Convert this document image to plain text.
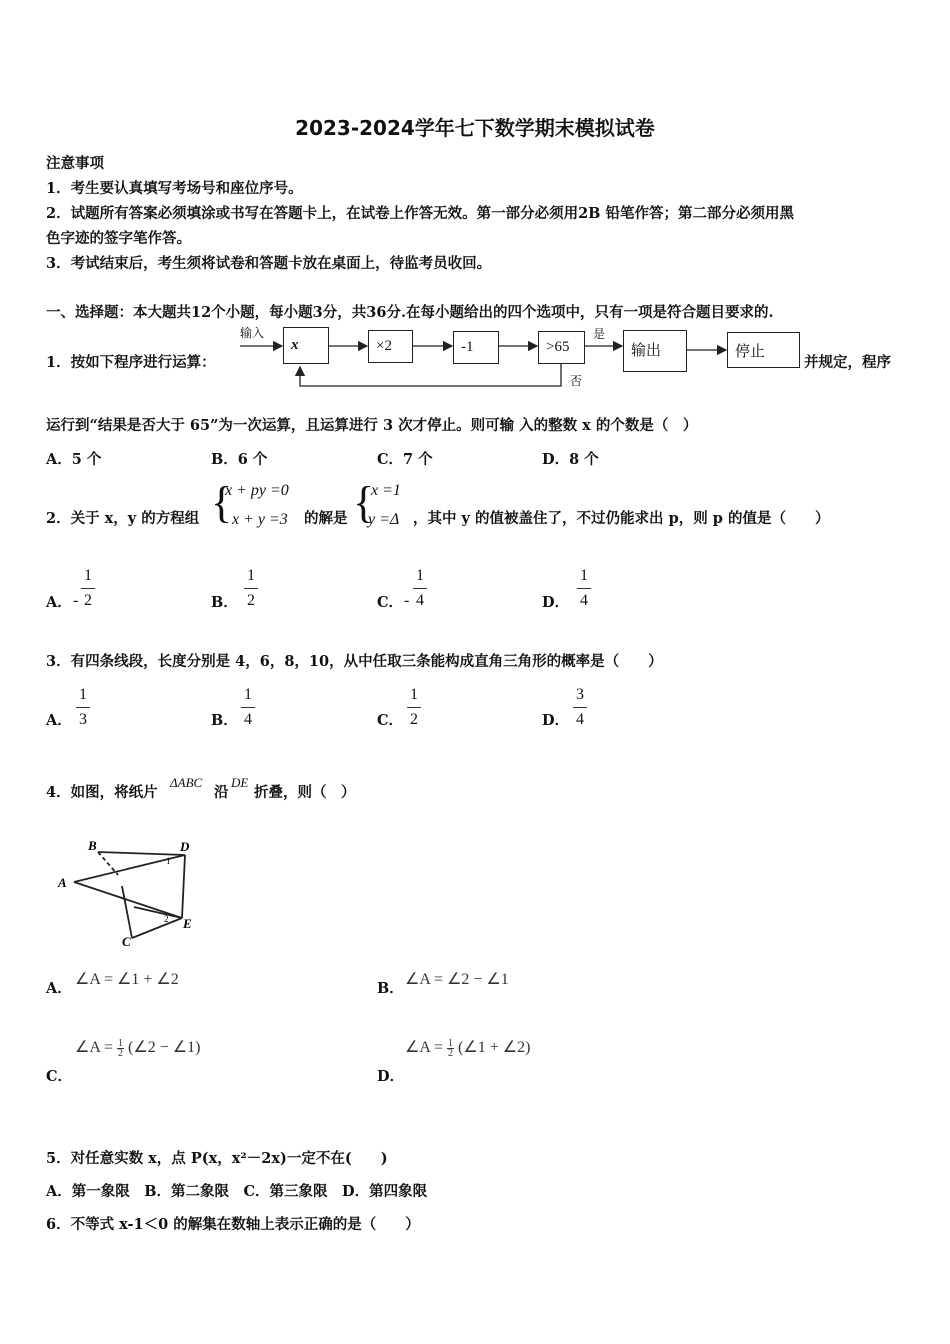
2023-2024学年七下数学期末模拟试卷
注意事项
1．考生要认真填写考场号和座位序号。
2．试题所有答案必须填涂或书写在答题卡上，在试卷上作答无效。第一部分必须用2B 铅笔作答；第二部分必须用黑
色字迹的签字笔作答。
3．考试结束后，考生须将试卷和答题卡放在桌面上，待监考员收回。
一、选择题：本大题共12个小题，每小题3分，共36分.在每小题给出的四个选项中，只有一项是符合题目要求的.
1．按如下程序进行运算：
输入
x	×2	-1	>65
是
否
输出	停止
并规定，程序
运行到“结果是否大于 65”为一次运算，且运算进行 3 次才停止。则可输 入的整数 x 的个数是（　）
A．5 个	B．6 个	C．7 个	D．8 个
2．关于 x，y 的方程组 {
x + py =0
x + y =3 的解是 {
x =1
y =Δ ，其中 y 的值被盖住了，不过仍能求出 p，则 p 的值是（　　）
A． -
1
2	B．
1
2	C． -
1
4	D．
1
4
3．有四条线段，长度分别是 4，6，8，10，从中任取三条能构成直角三角形的概率是（　　）
A．
1
3	B．
1
4	C．
1
2	D．
3
4
4．如图，将纸片
ΔABC
沿
DE
折叠，则（　）
B
A
D
E
C
1
2
A．
∠A = ∠1 + ∠2
B．
∠A = ∠2 − ∠1
C．
∠A = $\frac{1}{2}$ (∠2 − ∠1)
D．
∠A = $\frac{1}{2}$ (∠1 + ∠2)
5．对任意实数 x，点 P(x，x²－2x)一定不在(　　)
A．第一象限　B．第二象限　C．第三象限　D．第四象限
6．不等式 x-1＜0 的解集在数轴上表示正确的是（　　）
